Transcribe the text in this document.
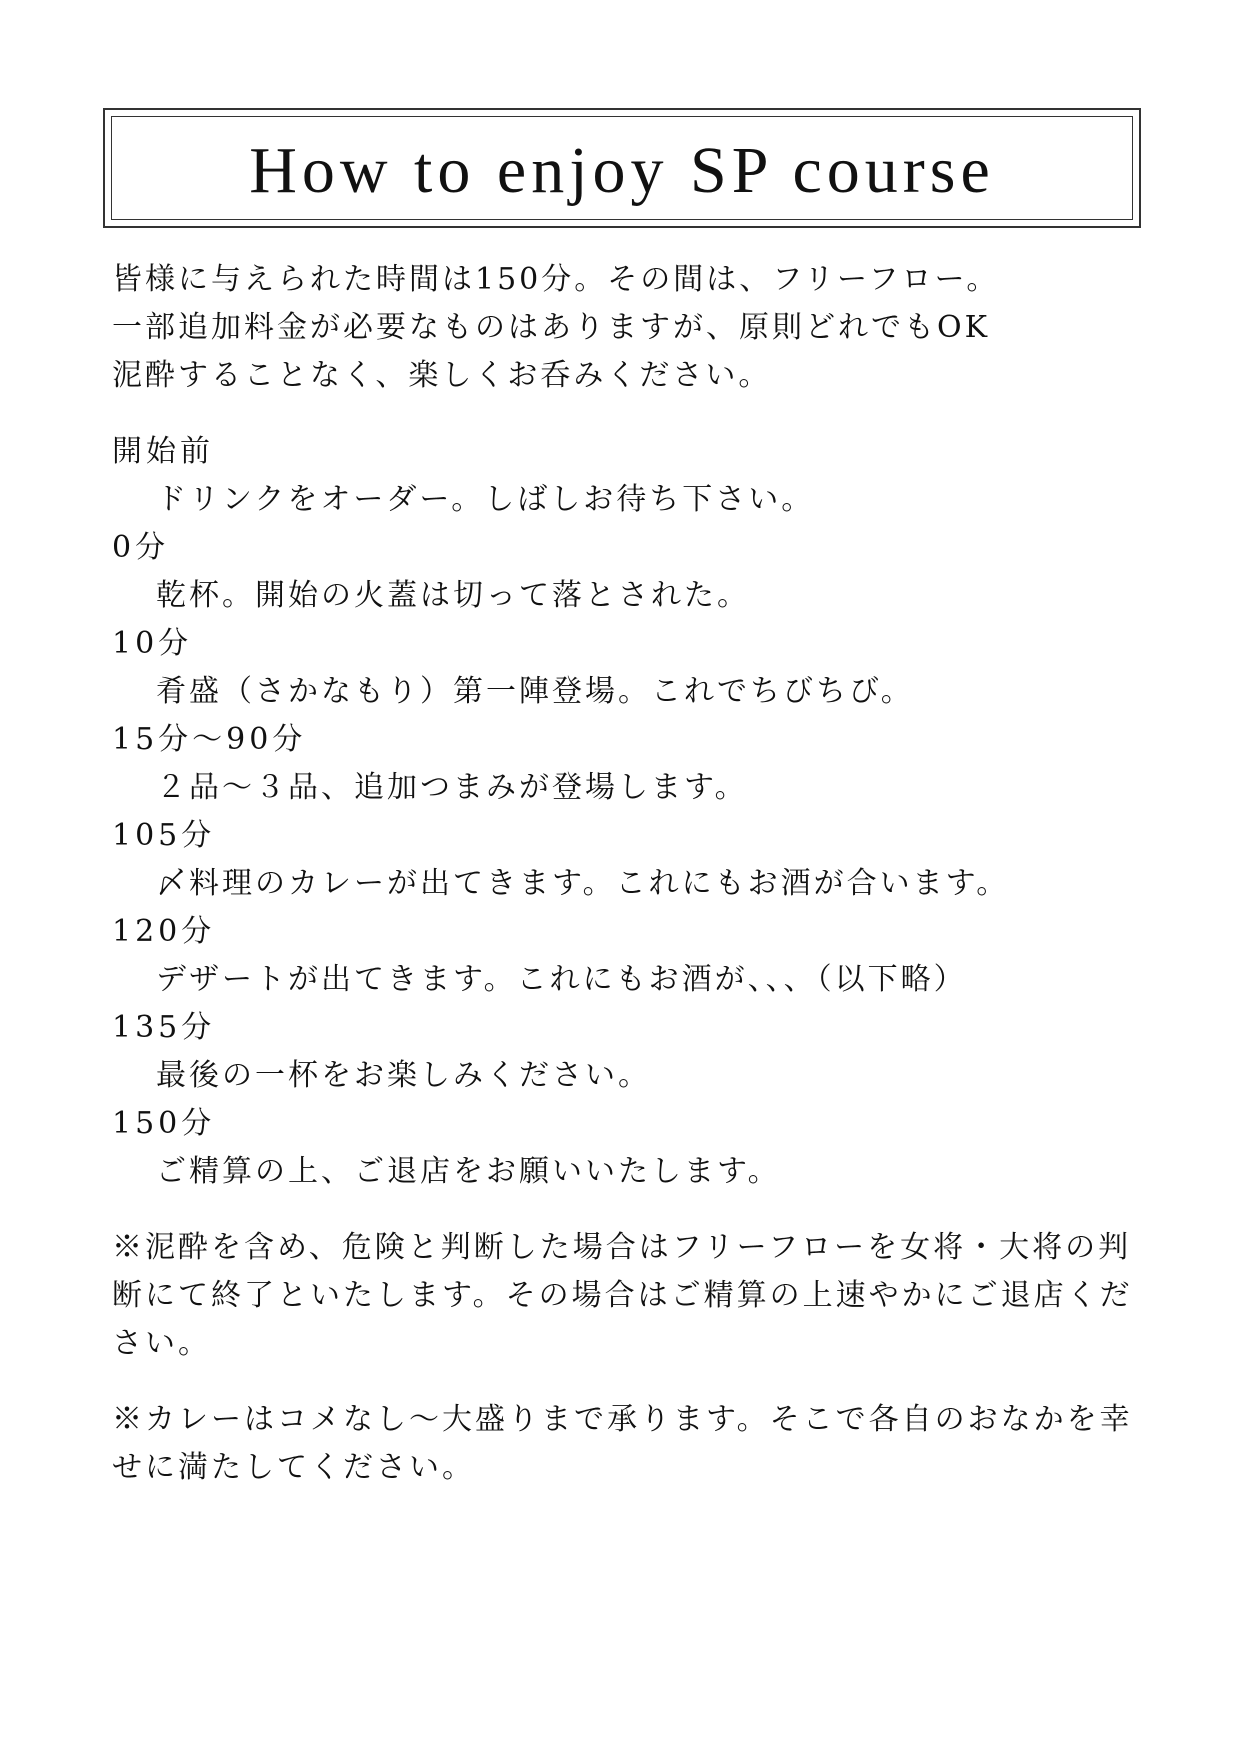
How to enjoy SP course
皆様に与えられた時間は150分。その間は、フリーフロー。
一部追加料金が必要なものはありますが、原則どれでもOK
泥酔することなく、楽しくお呑みください。
開始前
ドリンクをオーダー。しばしお待ち下さい。
0分
乾杯。開始の火蓋は切って落とされた。
10分
肴盛（さかなもり）第一陣登場。これでちびちび。
15分～90分
２品～３品、追加つまみが登場します。
105分
〆料理のカレーが出てきます。これにもお酒が合います。
120分
デザートが出てきます。これにもお酒が、、、（以下略）
135分
最後の一杯をお楽しみください。
150分
ご精算の上、ご退店をお願いいたします。
※泥酔を含め、危険と判断した場合はフリーフローを女将・大将の判断にて終了といたします。その場合はご精算の上速やかにご退店ください。
※カレーはコメなし～大盛りまで承ります。そこで各自のおなかを幸せに満たしてください。
